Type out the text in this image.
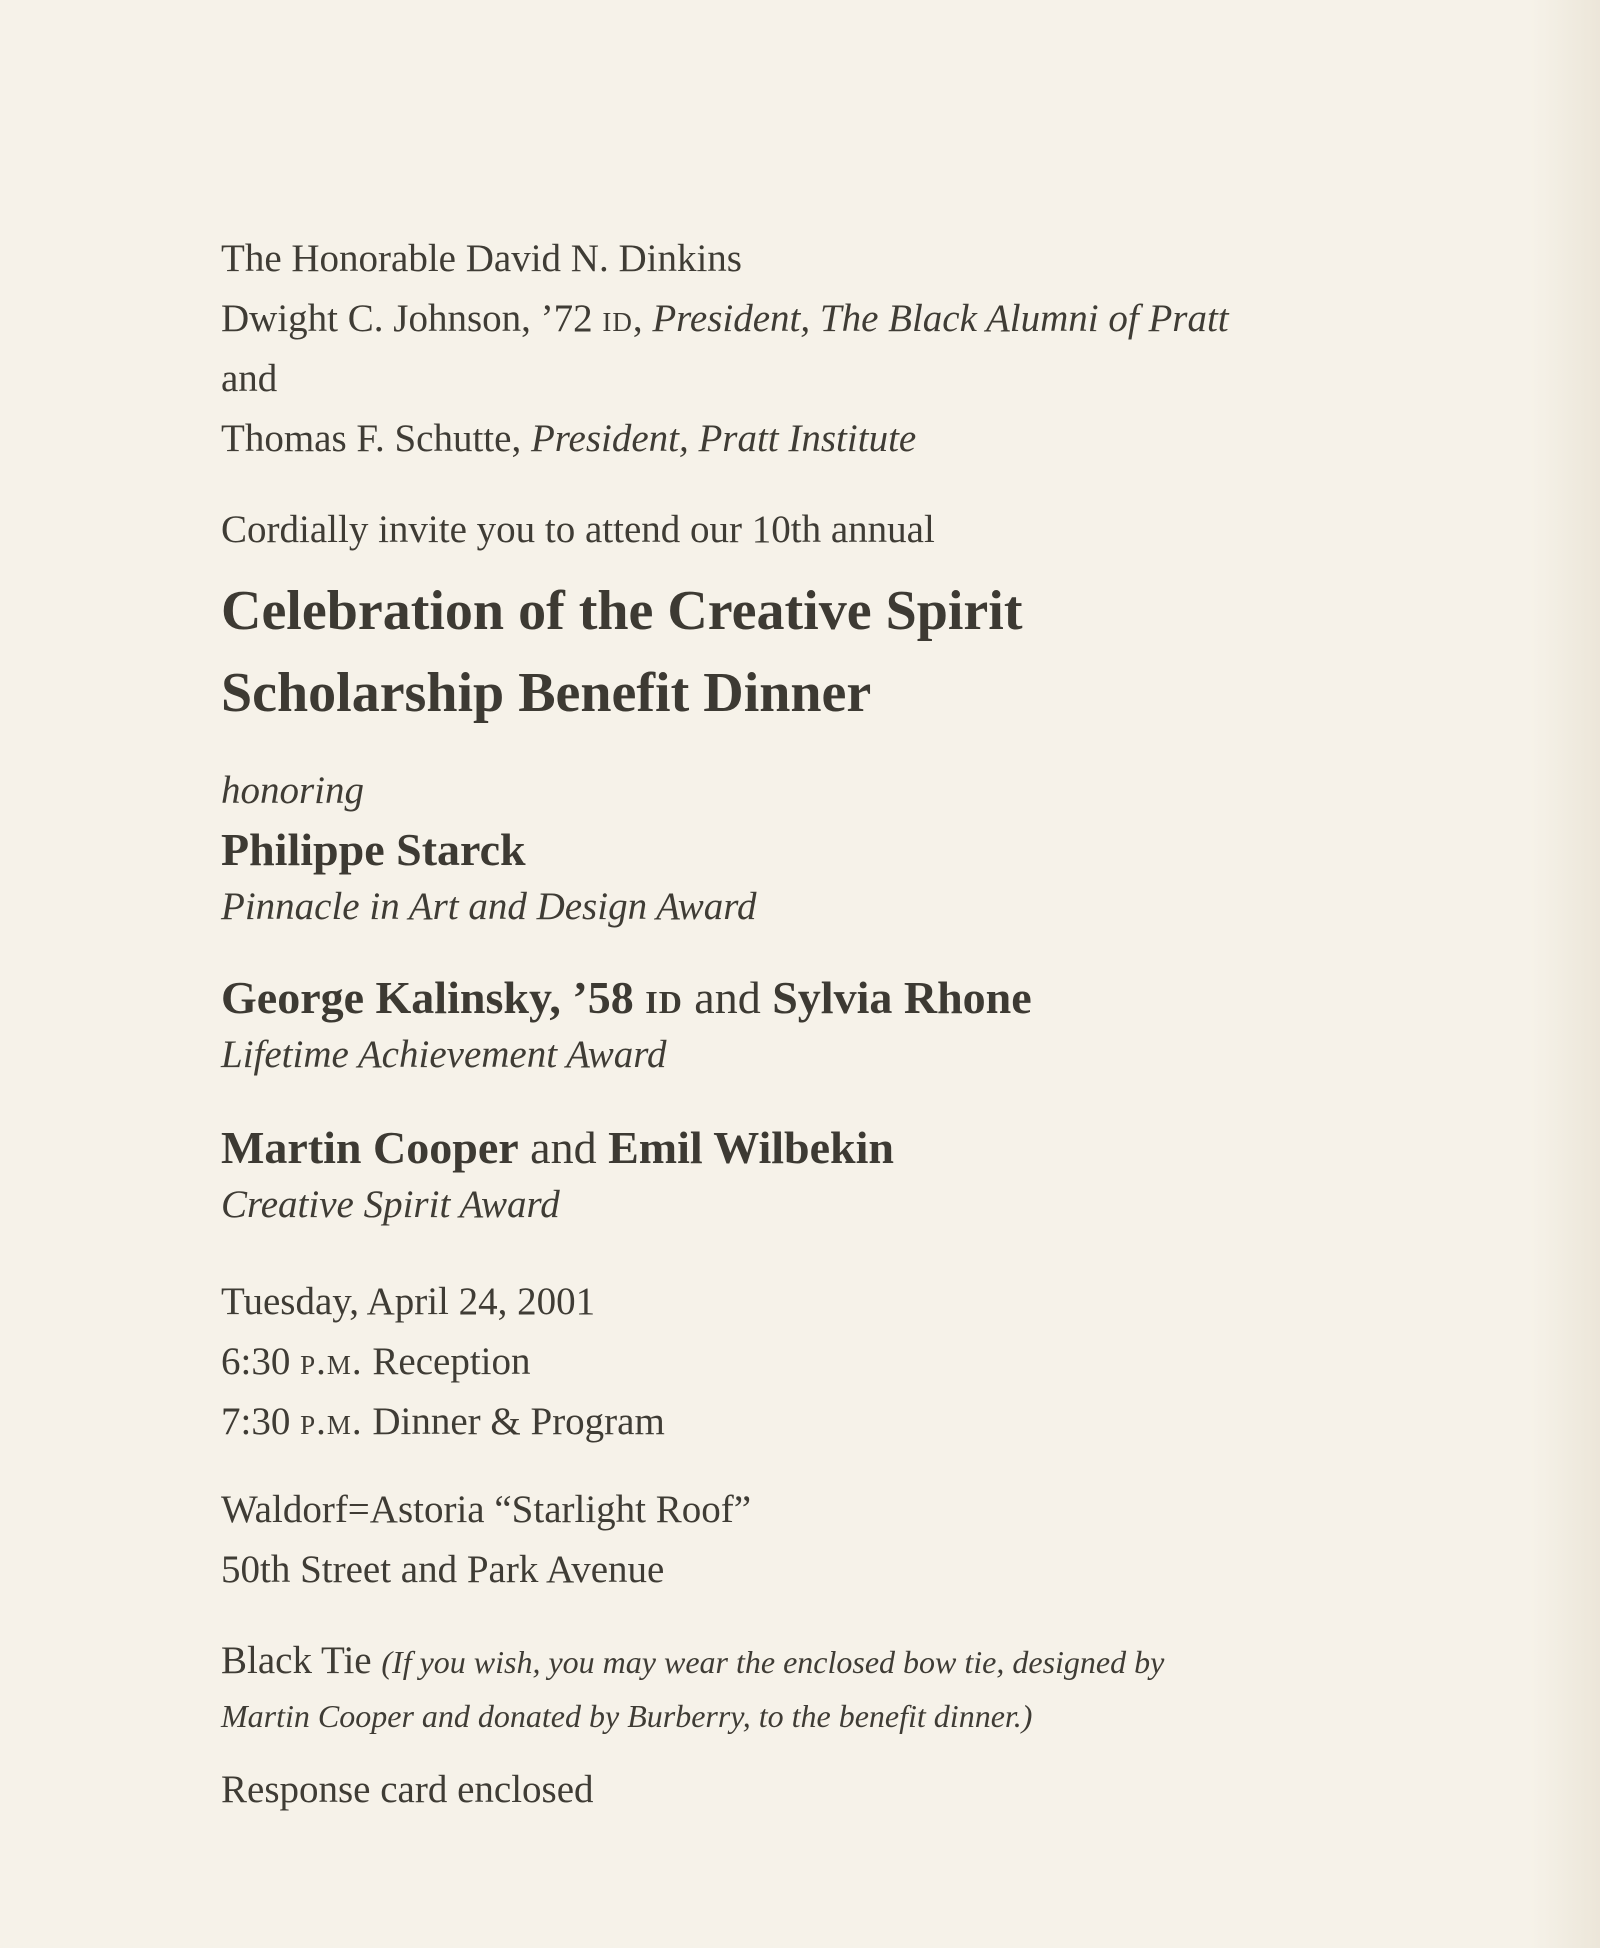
The Honorable David N. Dinkins
Dwight C. Johnson, ’72 id, President, The Black Alumni of Pratt
and
Thomas F. Schutte, President, Pratt Institute
Cordially invite you to attend our 10th annual
Celebration of the Creative Spirit
Scholarship Benefit Dinner
honoring
Philippe Starck
Pinnacle in Art and Design Award
George Kalinsky, ’58 id and Sylvia Rhone
Lifetime Achievement Award
Martin Cooper and Emil Wilbekin
Creative Spirit Award
Tuesday, April 24, 2001
6:30 p.m. Reception
7:30 p.m. Dinner & Program
Waldorf=Astoria “Starlight Roof”
50th Street and Park Avenue
Black Tie (If you wish, you may wear the enclosed bow tie, designed by
Martin Cooper and donated by Burberry, to the benefit dinner.)
Response card enclosed
